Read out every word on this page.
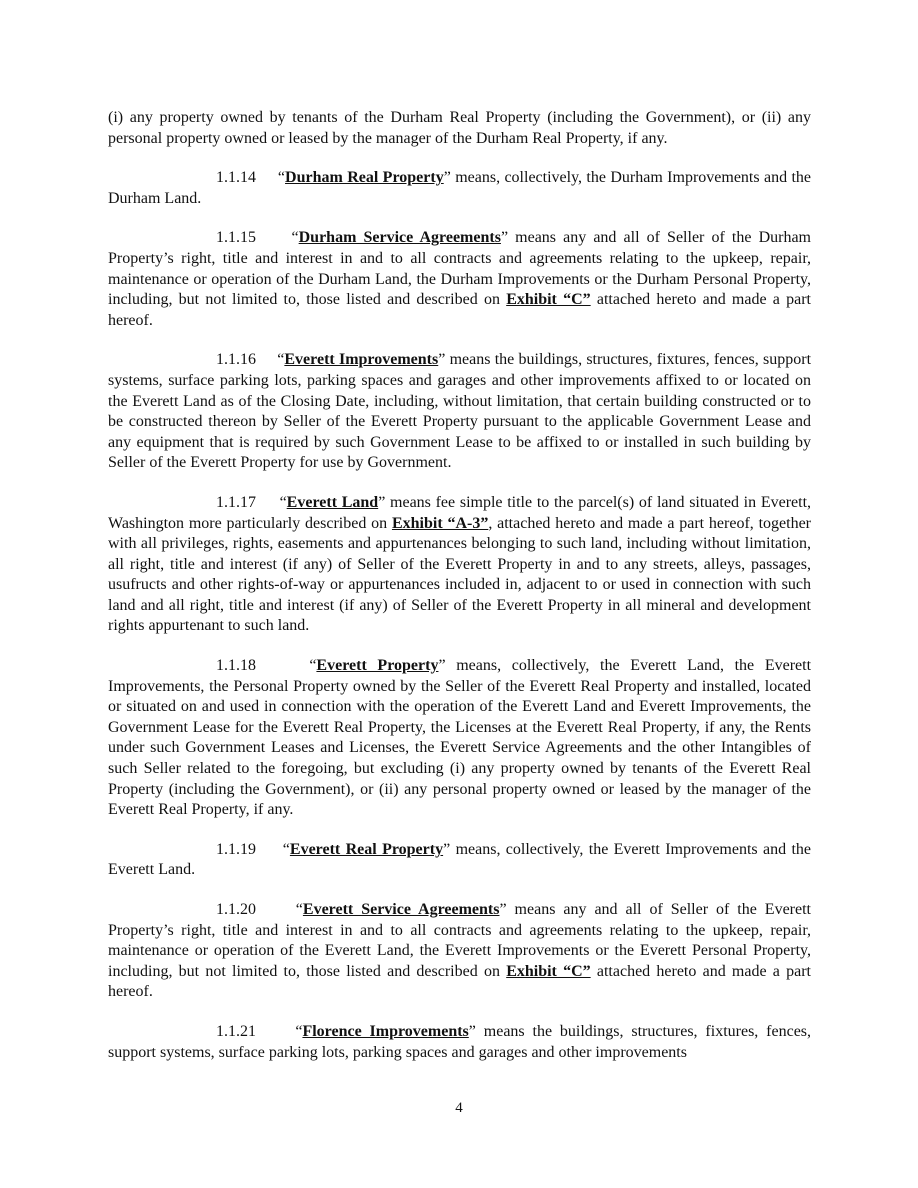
(i) any property owned by tenants of the Durham Real Property (including the Government), or (ii) any personal property owned or leased by the manager of the Durham Real Property, if any.

1.1.14 “Durham Real Property” means, collectively, the Durham Improvements and the Durham Land.

1.1.15 “Durham Service Agreements” means any and all of Seller of the Durham Property’s right, title and interest in and to all contracts and agreements relating to the upkeep, repair, maintenance or operation of the Durham Land, the Durham Improvements or the Durham Personal Property, including, but not limited to, those listed and described on Exhibit “C” attached hereto and made a part hereof.

1.1.16 “Everett Improvements” means the buildings, structures, fixtures, fences, support systems, surface parking lots, parking spaces and garages and other improvements affixed to or located on the Everett Land as of the Closing Date, including, without limitation, that certain building constructed or to be constructed thereon by Seller of the Everett Property pursuant to the applicable Government Lease and any equipment that is required by such Government Lease to be affixed to or installed in such building by Seller of the Everett Property for use by Government.

1.1.17 “Everett Land” means fee simple title to the parcel(s) of land situated in Everett, Washington more particularly described on Exhibit “A-3”, attached hereto and made a part hereof, together with all privileges, rights, easements and appurtenances belonging to such land, including without limitation, all right, title and interest (if any) of Seller of the Everett Property in and to any streets, alleys, passages, usufructs and other rights-of-way or appurtenances included in, adjacent to or used in connection with such land and all right, title and interest (if any) of Seller of the Everett Property in all mineral and development rights appurtenant to such land.

1.1.18	“Everett Property” means, collectively, the Everett Land, the Everett Improvements, the Personal Property owned by the Seller of the Everett Real Property and installed, located or situated on and used in connection with the operation of the Everett Land and Everett Improvements, the Government Lease for the Everett Real Property, the Licenses at the Everett Real Property, if any, the Rents under such Government Leases and Licenses, the Everett Service Agreements and the other Intangibles of such Seller related to the foregoing, but excluding (i) any property owned by tenants of the Everett Real Property (including the Government), or (ii) any personal property owned or leased by the manager of the Everett Real Property, if any.

1.1.19 “Everett Real Property” means, collectively, the Everett Improvements and the Everett Land.

1.1.20 “Everett Service Agreements” means any and all of Seller of the Everett Property’s right, title and interest in and to all contracts and agreements relating to the upkeep, repair, maintenance or operation of the Everett Land, the Everett Improvements or the Everett Personal Property, including, but not limited to, those listed and described on Exhibit “C” attached hereto and made a part hereof.

1.1.21 “Florence Improvements” means the buildings, structures, fixtures, fences, support systems, surface parking lots, parking spaces and garages and other improvements

4
